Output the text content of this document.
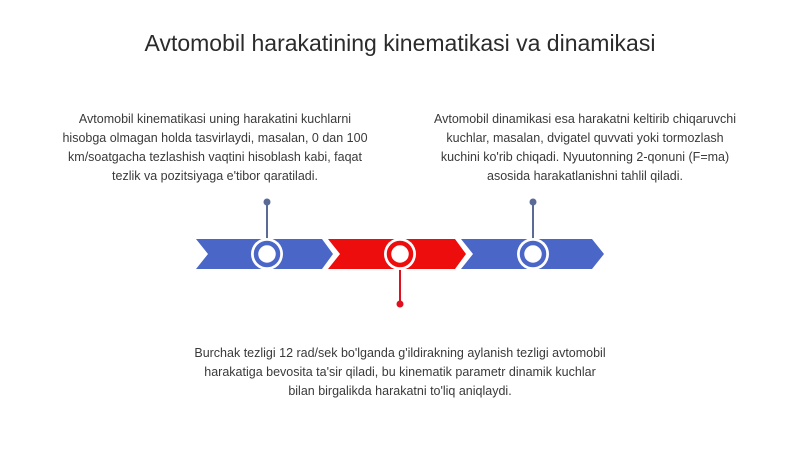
Avtomobil harakatining kinematikasi va dinamikasi
Avtomobil kinematikasi uning harakatini kuchlarni
hisobga olmagan holda tasvirlaydi, masalan, 0 dan 100
km/soatgacha tezlashish vaqtini hisoblash kabi, faqat
tezlik va pozitsiyaga e'tibor qaratiladi.
Avtomobil dinamikasi esa harakatni keltirib chiqaruvchi
kuchlar, masalan, dvigatel quvvati yoki tormozlash
kuchini ko'rib chiqadi. Nyuutonning 2-qonuni (F=ma)
asosida harakatlanishni tahlil qiladi.
Burchak tezligi 12 rad/sek bo'lganda g'ildirakning aylanish tezligi avtomobil
harakatiga bevosita ta'sir qiladi, bu kinematik parametr dinamik kuchlar
bilan birgalikda harakatni to'liq aniqlaydi.
